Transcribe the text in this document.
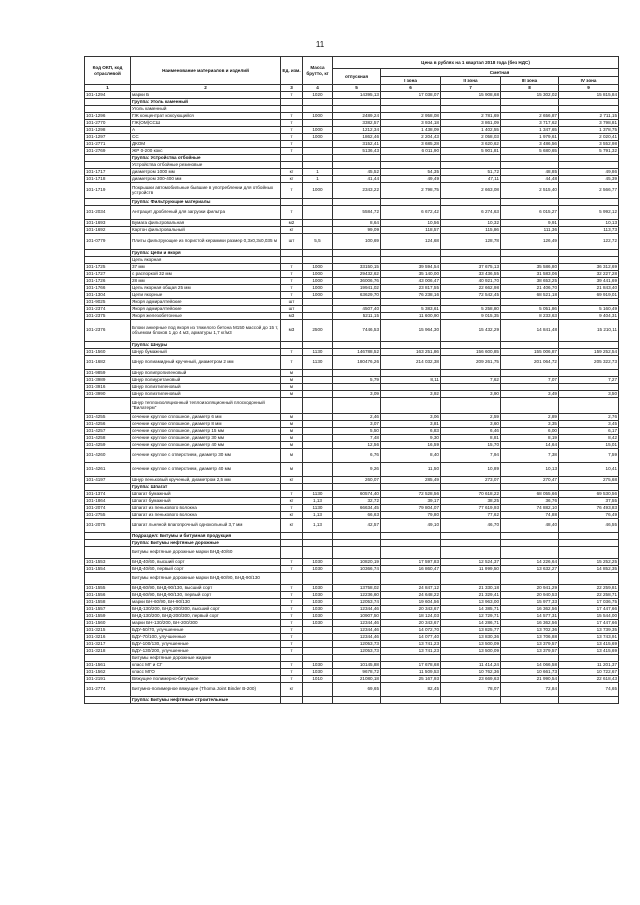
11
Код ОКП, код отраслевой	Наименование материалов и изделий	Ед. изм.	Масса брутто, кг	Цена в рублях на 1 квартал 2018 года (без НДС)				
				отпускная	Сметная			
					I зона	II зона	III зона	IV зона
1	2	3	4	5	6	7	8	9
101-1294	марки Б	т	1020	14395,13	17 038,07	15 908,68	15 302,02	15 815,84
	Группа: Уголь каменный							
	Уголь каменный							
101-1296	ГЖ концентрат коксующийся	т	1000	2489,24	2 958,08	2 781,69	2 656,87	2 711,15
101-2770	ГЖ(ОМ)ССШ	т		3382,57	3 934,18	3 861,09	3 717,62	3 798,81
101-1298	А	т	1000	1212,34	1 438,09	1 402,55	1 347,65	1 378,75
101-1297	СС	т	1000	1862,46	2 204,43	2 058,03	1 979,61	2 020,41
101-2771	ДКОМ	т		3152,41	3 685,28	3 620,62	3 486,56	3 552,98
101-2769	ЖР 0-200 кокс	т		5136,43	6 011,90	5 901,81	5 680,65	5 791,32
	Группа: Устройства отбойные							
	Устройства отбойные резиновые							
101-1717	диаметром 1000 мм	кг	1	45,52	54,35	51,72	48,85	49,86
101-1718	диаметром 300-400 мм	кг	1	41,44	49,49	47,11	44,48	45,39
101-1719	Покрышки автомобильные бывшие в употреблении для отбойных устройств	т	1000	2343,22	2 798,75	2 663,08	2 515,40	2 566,77
	Группа: Фильтрующие материалы							
101-2034	Антрацит дробленый для загрузки фильтра	т		5584,72	6 672,42	6 274,63	6 015,27	5 992,12
101-1693	Бумага фильтровальная	м2		8,64	10,56	10,32	9,91	10,13
101-1692	Картон фильтровальный	кг		99,09	118,57	115,86	111,36	113,73
101-0779	Плиты фильтрующие из пористой керамики размер 0,3х0,3х0,035 м	шт	5,5	100,69	124,68	128,78	126,49	122,72
	Группа: Цепи и якоря							
	Цепь якорная							
101-1725	37 мм	т	1000	33150,15	39 594,54	37 675,13	35 586,80	36 312,69
101-1727	с распоркой 32 мм	т	1000	29432,62	35 140,00	33 436,55	31 583,06	32 227,28
101-1726	28 мм	т	1000	36006,76	43 006,47	40 921,70	38 653,25	39 441,69
101-1766	Цепь якорная общая 25 мм	т	1000	19941,02	23 817,55	22 662,98	21 406,70	21 843,40
101-1304	Цепи якорные	т	1000	63629,70	76 238,16	72 542,45	68 521,18	69 919,01
101-9025	Якоря адмиралтейские	шт						
101-2374	Якоря адмиралтейские	шт		4507,40	5 383,61	5 258,80	5 051,86	5 160,49
101-2375	Якоря железобетонные	м3		5211,15	11 600,90	9 015,35	8 233,63	9 404,31
101-2376	Блоки анкерные под якоря из тяжелого бетона М150 массой до 15 т, объемом блоков 1 до 4 м3, арматуры 1,7 кг/м3	м3	2500	7446,53	15 964,30	15 432,29	14 841,48	15 210,11
	Группа: Шнуры							
101-1560	Шнур бумажный	т	1130	146788,52	163 251,86	156 600,85	155 006,87	159 252,54
101-1682	Шнур полиамидный крученый, диаметром 2 мм	т	1130	180476,26	214 032,38	209 261,75	201 064,72	205 322,73
101-9859	Шнур полипропиленовый	м						
101-3989	Шнур полиуретановый	м		5,79	8,11	7,62	7,07	7,27
101-3916	Шнур полиэтиленовый	м						
101-3990	Шнур полиэтиленовый	м		3,09	3,92	3,90	3,49	3,50
	Шнур теплоизоляционный теплоизоляционный плоскодонный "Вилатерм"							
101-4255	сечение круглое сплошное, диаметр 6 мм	м		2,46	3,06	2,59	2,89	2,76
101-4256	сечение круглое сплошное, диаметр 8 мм	м		3,07	3,81	3,60	3,35	3,45
101-4257	сечение круглое сплошное, диаметр 15 мм	м		5,50	6,83	6,46	6,00	6,17
101-4258	сечение круглое сплошное, диаметр 30 мм	м		7,48	9,30	8,81	8,19	8,42
101-4259	сечение круглое сплошное, диаметр 40 мм	м		12,56	16,59	15,70	14,64	15,01
101-4260	сечение круглое с отверстием, диаметр 30 мм	м		6,76	8,40	7,94	7,38	7,59
101-4261	сечение круглое с отверстием, диаметр 40 мм	м		9,26	11,50	10,89	10,13	10,41
101-4197	Шнур пеньковый крученый, диаметром 2,5 мм	кг		260,07	285,49	273,07	270,47	275,68
	Группа: Шпагат							
101-1374	Шпагат бумажный	т	1130	60574,40	72 528,56	70 618,22	68 055,66	69 530,56
101-1864	Шпагат бумажный	кг	1,13	32,72	39,17	38,25	36,76	37,55
101-2074	Шпагат из пенькового волокна	т	1130	66634,45	79 804,07	77 619,93	74 882,10	76 493,83
101-2755	Шпагат из пенькового волокна	кг	1,13	66,63	79,80	77,62	74,88	76,49
101-2075	Шпагат льняной влагопрочный однокольный 3,7 мм	кг	1,13	42,57	49,10	46,70	48,40	46,55
	Подраздел: Битумы и битумная продукция							
	Группа: Битумы нефтяные дорожные							
	Битумы нефтяные дорожные марки БНД-40/60							
101-1553	БНД-40/60, высший сорт	т	1030	10820,19	17 597,83	12 524,37	14 226,64	15 252,25
101-1554	БНД-40/60, первый сорт	т	1030	10366,74	16 860,47	11 999,50	13 632,27	14 852,35
	Битумы нефтяные дорожные марки БНД-60/90, БНД-90/130							
101-1555	БНД-60/90, БНД-90/130, высший сорт	т	1030	13758,02	24 847,12	21 330,18	20 941,29	22 259,81
101-1556	БНД-60/90, БНД-90/130, первый сорт	т	1030	12236,60	24 648,22	21 329,41	20 940,53	22 258,71
101-1558	марки БН-60/90, БН-90/130	т	1030	12053,74	19 604,56	13 963,00	15 977,33	17 036,75
101-1557	БНД-130/200, БНД-200/300, высший сорт	т	1030	12344,46	20 343,67	14 385,71	16 362,56	17 447,66
101-1559	БНД-130/200, БНД-200/300, первый сорт	т	1030	10907,50	18 124,03	12 729,71	14 577,31	15 544,00
101-1560	марки БН-130/200, БН-200/300	т	1030	12344,46	20 343,67	14 286,71	16 362,56	17 447,66
101-3215	БДУ-50/70, улучшенные	т		12344,46	14 072,70	13 825,77	13 702,36	13 739,35
101-3216	БДУ-70/100, улучшенные	т		12344,46	14 077,40	13 830,36	13 706,88	13 743,91
101-3217	БДУ-100/130, улучшенные	т		12053,73	13 741,23	13 500,09	13 379,57	13 415,69
101-3218	БДУ-130/200, улучшенные	т		12053,73	13 741,23	13 500,09	13 379,57	13 415,69
	Битумы нефтяные дорожные жидкие							
101-1561	класс МГ и СГ	т	1030	10145,88	17 678,68	11 414,24	14 066,58	11 201,37
101-1562	класс МГО	т	1030	9678,72	11 509,53	10 762,36	10 661,73	10 722,67
101-2191	Вяжущее полимерно-битумное	т	1010	21080,18	25 167,93	23 669,63	21 990,54	22 618,43
101-2774	Битумно-полимерное вяжущее (Thoma Joint Binder B-200)	кг		69,65	82,45	78,07	72,84	74,65
	Группа: Битумы нефтяные строительные							
